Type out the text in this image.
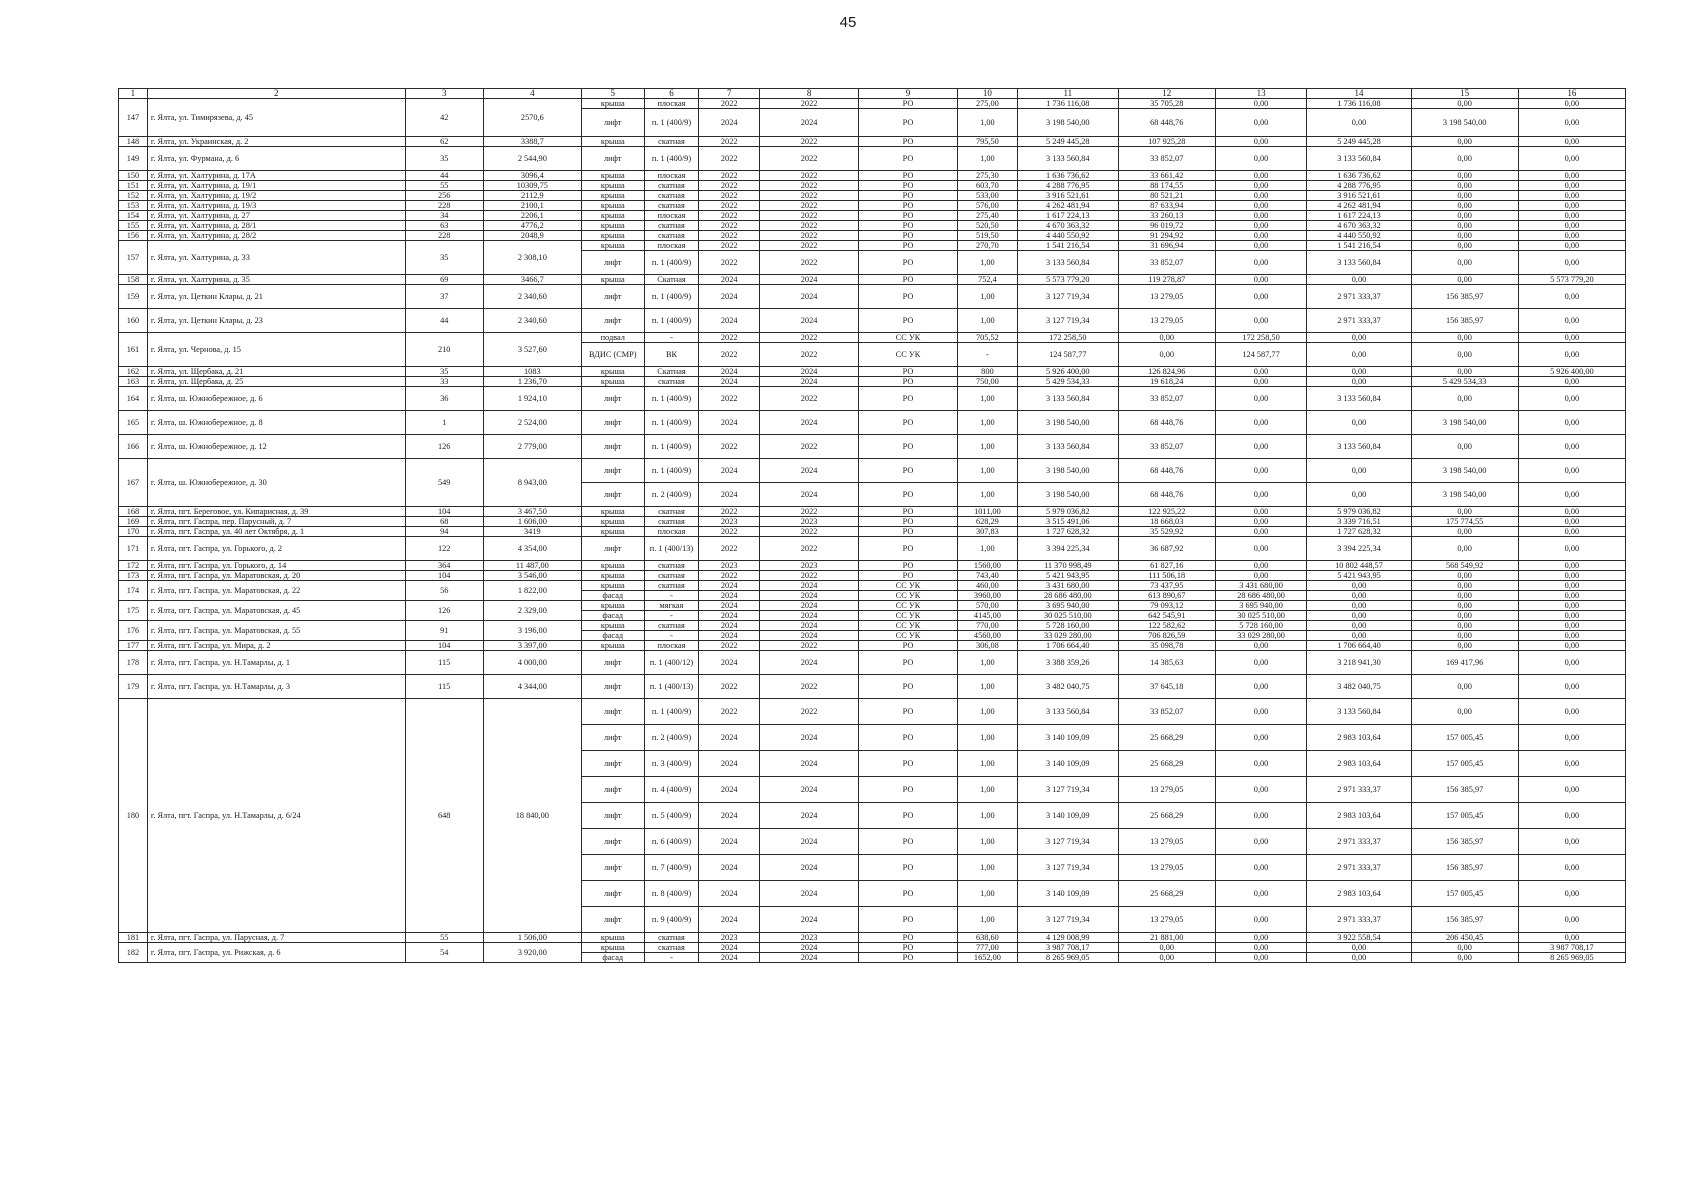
45
1	2	3	4	5	6	7	8	9	10	11	12	13	14	15	16
147	г. Ялта, ул. Тимирязева, д. 45	42	2570,6	крыша	плоская	2022	2022	РО	275,00	1 736 116,08	35 705,28	0,00	1 736 116,08	0,00	0,00
				лифт	п. 1 (400/9)	2024	2024	РО	1,00	3 198 540,00	68 448,76	0,00	0,00	3 198 540,00	0,00
148	г. Ялта, ул. Украинская, д. 2	62	3388,7	крыша	скатная	2022	2022	РО	795,50	5 249 445,28	107 925,28	0,00	5 249 445,28	0,00	0,00
149	г. Ялта, ул. Фурмана, д. 6	35	2 544,90	лифт	п. 1 (400/9)	2022	2022	РО	1,00	3 133 560,84	33 852,07	0,00	3 133 560,84	0,00	0,00
150	г. Ялта, ул. Халтурина, д. 17А	44	3096,4	крыша	плоская	2022	2022	РО	275,30	1 636 736,62	33 661,42	0,00	1 636 736,62	0,00	0,00
151	г. Ялта, ул. Халтурина, д. 19/1	55	10309,75	крыша	скатная	2022	2022	РО	603,70	4 288 776,95	88 174,55	0,00	4 288 776,95	0,00	0,00
152	г. Ялта, ул. Халтурина, д. 19/2	256	2112,9	крыша	скатная	2022	2022	РО	533,00	3 916 521,61	80 521,21	0,00	3 916 521,61	0,00	0,00
153	г. Ялта, ул. Халтурина, д. 19/3	228	2100,1	крыша	скатная	2022	2022	РО	576,00	4 262 481,94	87 633,94	0,00	4 262 481,94	0,00	0,00
154	г. Ялта, ул. Халтурина, д. 27	34	2206,1	крыша	плоская	2022	2022	РО	275,40	1 617 224,13	33 260,13	0,00	1 617 224,13	0,00	0,00
155	г. Ялта, ул. Халтурина, д. 28/1	63	4776,2	крыша	скатная	2022	2022	РО	520,50	4 670 363,32	96 019,72	0,00	4 670 363,32	0,00	0,00
156	г. Ялта, ул. Халтурина, д. 28/2	228	2048,9	крыша	скатная	2022	2022	РО	519,50	4 440 550,92	91 294,92	0,00	4 440 550,92	0,00	0,00
157	г. Ялта, ул. Халтурина, д. 33	35	2 308,10	крыша	плоская	2022	2022	РО	270,70	1 541 216,54	31 696,94	0,00	1 541 216,54	0,00	0,00
				лифт	п. 1 (400/9)	2022	2022	РО	1,00	3 133 560,84	33 852,07	0,00	3 133 560,84	0,00	0,00
158	г. Ялта, ул. Халтурина, д. 35	69	3466,7	крыша	Скатная	2024	2024	РО	752,4	5 573 779,20	119 278,87	0,00	0,00	0,00	5 573 779,20
159	г. Ялта, ул. Цеткин Клары, д. 21	37	2 340,60	лифт	п. 1 (400/9)	2024	2024	РО	1,00	3 127 719,34	13 279,05	0,00	2 971 333,37	156 385,97	0,00
160	г. Ялта, ул. Цеткин Клары, д. 23	44	2 340,60	лифт	п. 1 (400/9)	2024	2024	РО	1,00	3 127 719,34	13 279,05	0,00	2 971 333,37	156 385,97	0,00
161	г. Ялта, ул. Чернова, д. 15	210	3 527,60	подвал	-	2022	2022	СС УК	705,52	172 258,50	0,00	172 258,50	0,00	0,00	0,00
				ВДИС (СМР)	ВК	2022	2022	СС УК	-	124 587,77	0,00	124 587,77	0,00	0,00	0,00
162	г. Ялта, ул. Щербака, д. 21	35	1083	крыша	Скатная	2024	2024	РО	800	5 926 400,00	126 824,96	0,00	0,00	0,00	5 926 400,00
163	г. Ялта, ул. Щербака, д. 25	33	1 236,70	крыша	скатная	2024	2024	РО	750,00	5 429 534,33	19 618,24	0,00	0,00	5 429 534,33	0,00
164	г. Ялта, ш. Южнобережное, д. 6	36	1 924,10	лифт	п. 1 (400/9)	2022	2022	РО	1,00	3 133 560,84	33 852,07	0,00	3 133 560,84	0,00	0,00
165	г. Ялта, ш. Южнобережное, д. 8	1	2 524,00	лифт	п. 1 (400/9)	2024	2024	РО	1,00	3 198 540,00	68 448,76	0,00	0,00	3 198 540,00	0,00
166	г. Ялта, ш. Южнобережное, д. 12	126	2 779,00	лифт	п. 1 (400/9)	2022	2022	РО	1,00	3 133 560,84	33 852,07	0,00	3 133 560,84	0,00	0,00
167	г. Ялта, ш. Южнобережное, д. 30	549	8 943,00	лифт	п. 1 (400/9)	2024	2024	РО	1,00	3 198 540,00	68 448,76	0,00	0,00	3 198 540,00	0,00
				лифт	п. 2 (400/9)	2024	2024	РО	1,00	3 198 540,00	68 448,76	0,00	0,00	3 198 540,00	0,00
168	г. Ялта, пгт. Береговое, ул. Кипарисная, д. 39	104	3 467,50	крыша	скатная	2022	2022	РО	1011,00	5 979 036,82	122 925,22	0,00	5 979 036,82	0,00	0,00
169	г. Ялта, пгт. Гаспра, пер. Парусный, д. 7	68	1 606,00	крыша	скатная	2023	2023	РО	628,29	3 515 491,06	18 668,03	0,00	3 339 716,51	175 774,55	0,00
170	г. Ялта, пгт. Гаспра, ул. 40 лет Октября, д. 1	94	3419	крыша	плоская	2022	2022	РО	307,83	1 727 628,32	35 529,92	0,00	1 727 628,32	0,00	0,00
171	г. Ялта, пгт. Гаспра, ул. Горького, д. 2	122	4 354,00	лифт	п. 1 (400/13)	2022	2022	РО	1,00	3 394 225,34	36 687,92	0,00	3 394 225,34	0,00	0,00
172	г. Ялта, пгт. Гаспра, ул. Горького, д. 14	364	11 487,00	крыша	скатная	2023	2023	РО	1560,00	11 370 998,49	61 827,16	0,00	10 802 448,57	568 549,92	0,00
173	г. Ялта, пгт. Гаспра, ул. Маратовская, д. 20	104	3 546,00	крыша	скатная	2022	2022	РО	743,40	5 421 943,95	111 506,18	0,00	5 421 943,95	0,00	0,00
174	г. Ялта, пгт. Гаспра, ул. Маратовская, д. 22	56	1 822,00	крыша	скатная	2024	2024	СС УК	460,00	3 431 680,00	73 437,95	3 431 680,00	0,00	0,00	0,00
				фасад	-	2024	2024	СС УК	3960,00	28 686 480,00	613 890,67	28 686 480,00	0,00	0,00	0,00
175	г. Ялта, пгт. Гаспра, ул. Маратовская, д. 45	126	2 329,00	крыша	мягкая	2024	2024	СС УК	570,00	3 695 940,00	79 093,12	3 695 940,00	0,00	0,00	0,00
				фасад	-	2024	2024	СС УК	4145,00	30 025 510,00	642 545,91	30 025 510,00	0,00	0,00	0,00
176	г. Ялта, пгт. Гаспра, ул. Маратовская, д. 55	91	3 196,00	крыша	скатная	2024	2024	СС УК	770,00	5 728 160,00	122 582,62	5 728 160,00	0,00	0,00	0,00
				фасад	-	2024	2024	СС УК	4560,00	33 029 280,00	706 826,59	33 029 280,00	0,00	0,00	0,00
177	г. Ялта, пгт. Гаспра, ул. Мира, д. 2	104	3 397,00	крыша	плоская	2022	2022	РО	306,08	1 706 664,40	35 098,78	0,00	1 706 664,40	0,00	0,00
178	г. Ялта, пгт. Гаспра, ул. Н.Тамарлы, д. 1	115	4 000,00	лифт	п. 1 (400/12)	2024	2024	РО	1,00	3 388 359,26	14 385,63	0,00	3 218 941,30	169 417,96	0,00
179	г. Ялта, пгт. Гаспра, ул. Н.Тамарлы, д. 3	115	4 344,00	лифт	п. 1 (400/13)	2022	2022	РО	1,00	3 482 040,75	37 645,18	0,00	3 482 040,75	0,00	0,00
180	г. Ялта, пгт. Гаспра, ул. Н.Тамарлы, д. 6/24	648	18 840,00	лифт	п. 1 (400/9)	2022	2022	РО	1,00	3 133 560,84	33 852,07	0,00	3 133 560,84	0,00	0,00
				лифт	п. 2 (400/9)	2024	2024	РО	1,00	3 140 109,09	25 668,29	0,00	2 983 103,64	157 005,45	0,00
				лифт	п. 3 (400/9)	2024	2024	РО	1,00	3 140 109,09	25 668,29	0,00	2 983 103,64	157 005,45	0,00
				лифт	п. 4 (400/9)	2024	2024	РО	1,00	3 127 719,34	13 279,05	0,00	2 971 333,37	156 385,97	0,00
				лифт	п. 5 (400/9)	2024	2024	РО	1,00	3 140 109,09	25 668,29	0,00	2 983 103,64	157 005,45	0,00
				лифт	п. 6 (400/9)	2024	2024	РО	1,00	3 127 719,34	13 279,05	0,00	2 971 333,37	156 385,97	0,00
				лифт	п. 7 (400/9)	2024	2024	РО	1,00	3 127 719,34	13 279,05	0,00	2 971 333,37	156 385,97	0,00
				лифт	п. 8 (400/9)	2024	2024	РО	1,00	3 140 109,09	25 668,29	0,00	2 983 103,64	157 005,45	0,00
				лифт	п. 9 (400/9)	2024	2024	РО	1,00	3 127 719,34	13 279,05	0,00	2 971 333,37	156 385,97	0,00
181	г. Ялта, пгт. Гаспра, ул. Парусная, д. 7	55	1 506,00	крыша	скатная	2023	2023	РО	638,60	4 129 008,99	21 881,00	0,00	3 922 558,54	206 450,45	0,00
182	г. Ялта, пгт. Гаспра, ул. Рижская, д. 6	54	3 920,00	крыша	скатная	2024	2024	РО	777,00	3 987 708,17	0,00	0,00	0,00	0,00	3 987 708,17
				фасад	-	2024	2024	РО	1652,00	8 265 969,05	0,00	0,00	0,00	0,00	8 265 969,05
